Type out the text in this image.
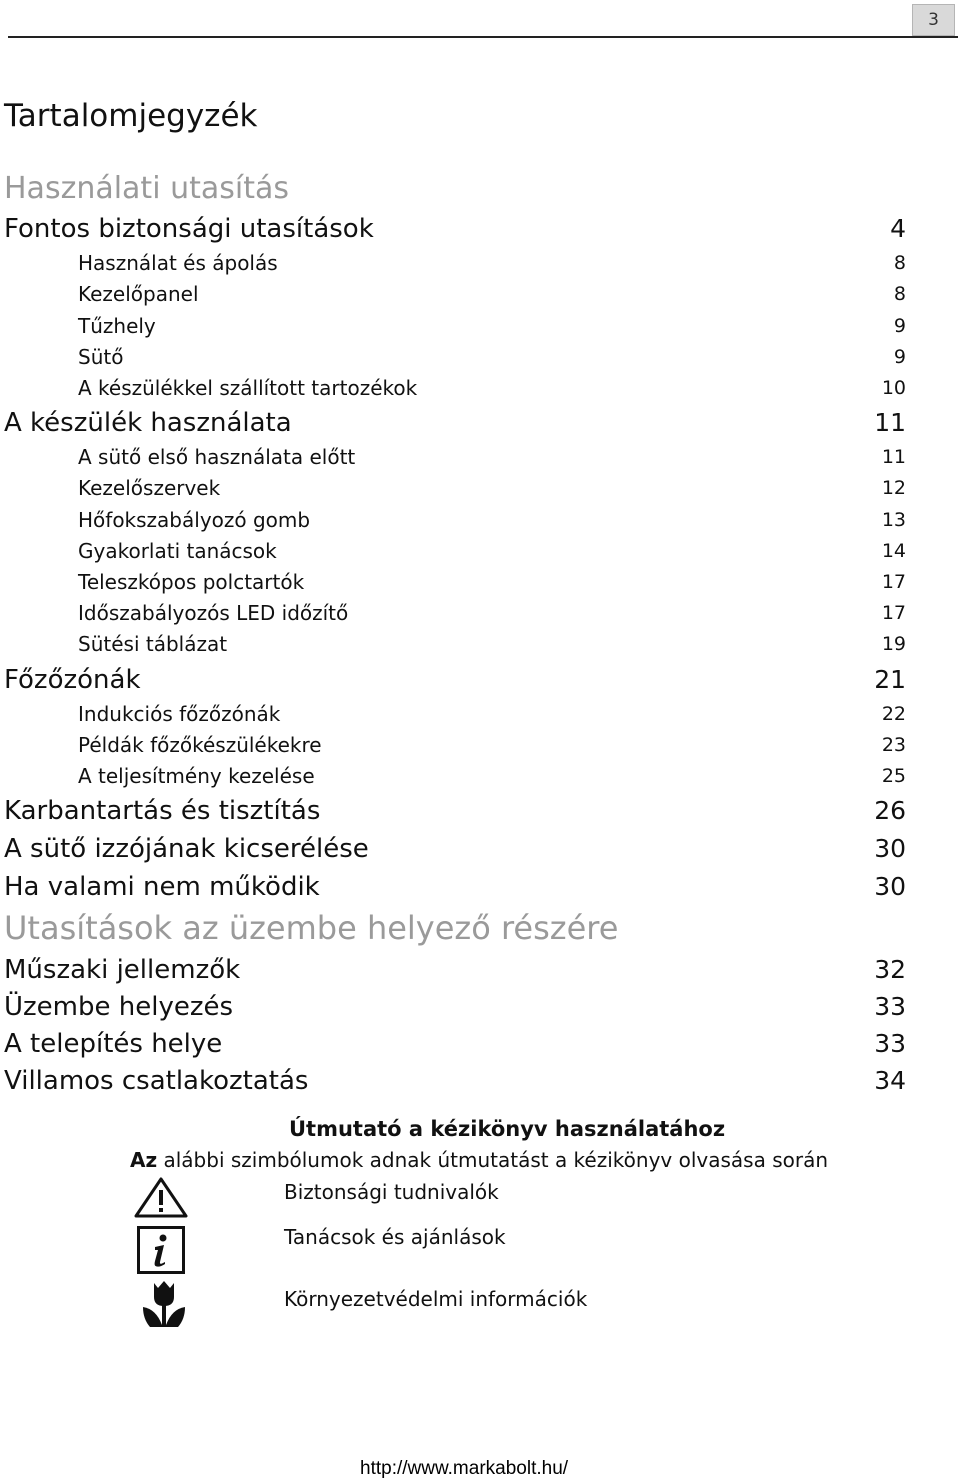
3
Tartalomjegyzék
Használati utasítás
Utasítások az üzembe helyező részére
Fontos biztonsági utasítások	4
Használat és ápolás	8
Kezelőpanel	8
Tűzhely	9
Sütő	9
A készülékkel szállított tartozékok	10
A készülék használata	11
A sütő első használata előtt	11
Kezelőszervek	12
Hőfokszabályozó gomb	13
Gyakorlati tanácsok	14
Teleszkópos polctartók	17
Időszabályozós LED időzítő	17
Sütési táblázat	19
Főzőzónák	21
Indukciós főzőzónák	22
Példák főzőkészülékekre	23
A teljesítmény kezelése	25
Karbantartás és tisztítás	26
A sütő izzójának kicserélése	30
Ha valami nem működik	30
Műszaki jellemzők	32
Üzembe helyezés	33
A telepítés helye	33
Villamos csatlakoztatás	34
Útmutató a kézikönyv használatához
Az alábbi szimbólumok adnak útmutatást a kézikönyv olvasása során
Biztonsági tudnivalók
Tanácsok és ajánlások
Környezetvédelmi információk
http://www.markabolt.hu/
